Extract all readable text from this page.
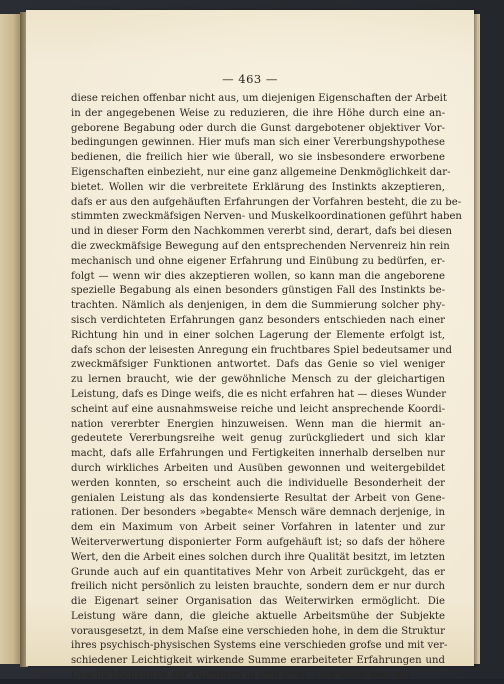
— 463 —
diese reichen offenbar nicht aus, um diejenigen Eigenschaften der Arbeit
in der angegebenen Weise zu reduzieren, die ihre Höhe durch eine an-
geborene Begabung oder durch die Gunst dargebotener objektiver Vor-
bedingungen gewinnen. Hier mufs man sich einer Vererbungshypothese
bedienen, die freilich hier wie überall, wo sie insbesondere erworbene
Eigenschaften einbezieht, nur eine ganz allgemeine Denkmöglichkeit dar-
bietet. Wollen wir die verbreitete Erklärung des Instinkts akzeptieren,
dafs er aus den aufgehäuften Erfahrungen der Vorfahren besteht, die zu be-
stimmten zweckmäfsigen Nerven- und Muskelkoordinationen geführt haben
und in dieser Form den Nachkommen vererbt sind, derart, dafs bei diesen
die zweckmäfsige Bewegung auf den entsprechenden Nervenreiz hin rein
mechanisch und ohne eigener Erfahrung und Einübung zu bedürfen, er-
folgt — wenn wir dies akzeptieren wollen, so kann man die angeborene
spezielle Begabung als einen besonders günstigen Fall des Instinkts be-
trachten. Nämlich als denjenigen, in dem die Summierung solcher phy-
sisch verdichteten Erfahrungen ganz besonders entschieden nach einer
Richtung hin und in einer solchen Lagerung der Elemente erfolgt ist,
dafs schon der leisesten Anregung ein fruchtbares Spiel bedeutsamer und
zweckmäfsiger Funktionen antwortet. Dafs das Genie so viel weniger
zu lernen braucht, wie der gewöhnliche Mensch zu der gleichartigen
Leistung, dafs es Dinge weifs, die es nicht erfahren hat — dieses Wunder
scheint auf eine ausnahmsweise reiche und leicht ansprechende Koordi-
nation vererbter Energien hinzuweisen. Wenn man die hiermit an-
gedeutete Vererbungsreihe weit genug zurückgliedert und sich klar
macht, dafs alle Erfahrungen und Fertigkeiten innerhalb derselben nur
durch wirkliches Arbeiten und Ausüben gewonnen und weitergebildet
werden konnten, so erscheint auch die individuelle Besonderheit der
genialen Leistung als das kondensierte Resultat der Arbeit von Gene-
rationen. Der besonders »begabte« Mensch wäre demnach derjenige, in
dem ein Maximum von Arbeit seiner Vorfahren in latenter und zur
Weiterverwertung disponierter Form aufgehäuft ist; so dafs der höhere
Wert, den die Arbeit eines solchen durch ihre Qualität besitzt, im letzten
Grunde auch auf ein quantitatives Mehr von Arbeit zurückgeht, das er
freilich nicht persönlich zu leisten brauchte, sondern dem er nur durch
die Eigenart seiner Organisation das Weiterwirken ermöglicht. Die
Leistung wäre dann, die gleiche aktuelle Arbeitsmühe der Subjekte
vorausgesetzt, in dem Maſse eine verschieden hohe, in dem die Struktur
ihres psychisch-physischen Systems eine verschieden grofse und mit ver-
schiedener Leichtigkeit wirkende Summe erarbeiteter Erfahrungen und
Geschicklichkeiten der Vorfahren in sich birgt. Und wenn man die
